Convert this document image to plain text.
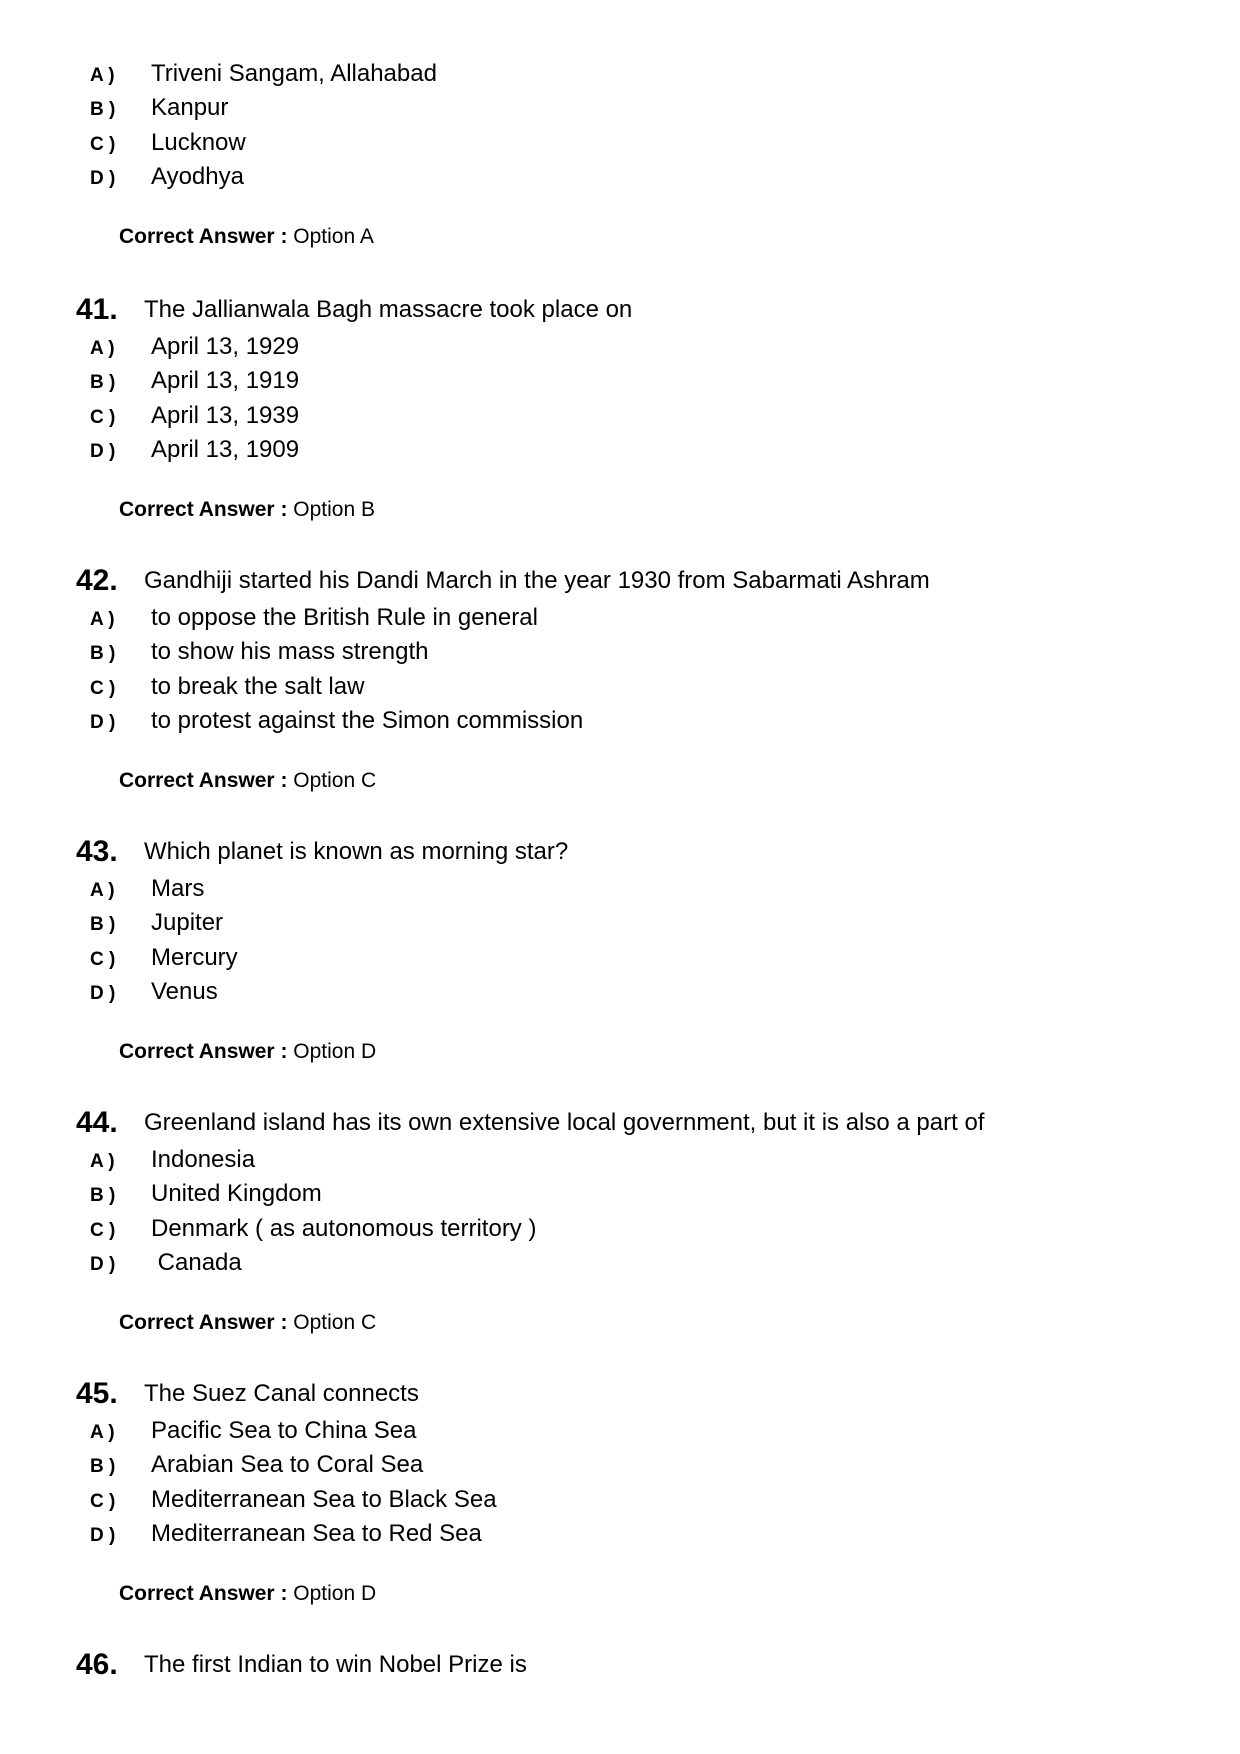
A ) Triveni Sangam, Allahabad
B ) Kanpur
C ) Lucknow
D ) Ayodhya
Correct Answer : Option A
41. The Jallianwala Bagh massacre took place on
A ) April 13, 1929
B ) April 13, 1919
C ) April 13, 1939
D ) April 13, 1909
Correct Answer : Option B
42. Gandhiji started his Dandi March in the year 1930 from Sabarmati Ashram
A ) to oppose the British Rule in general
B ) to show his mass strength
C ) to break the salt law
D ) to protest against the Simon commission
Correct Answer : Option C
43. Which planet is known as morning star?
A ) Mars
B ) Jupiter
C ) Mercury
D ) Venus
Correct Answer : Option D
44. Greenland island has its own extensive local government, but it is also a part of
A ) Indonesia
B ) United Kingdom
C ) Denmark ( as autonomous territory )
D ) Canada
Correct Answer : Option C
45. The Suez Canal connects
A ) Pacific Sea to China Sea
B ) Arabian Sea to Coral Sea
C ) Mediterranean Sea to Black Sea
D ) Mediterranean Sea to Red Sea
Correct Answer : Option D
46. The first Indian to win Nobel Prize is
